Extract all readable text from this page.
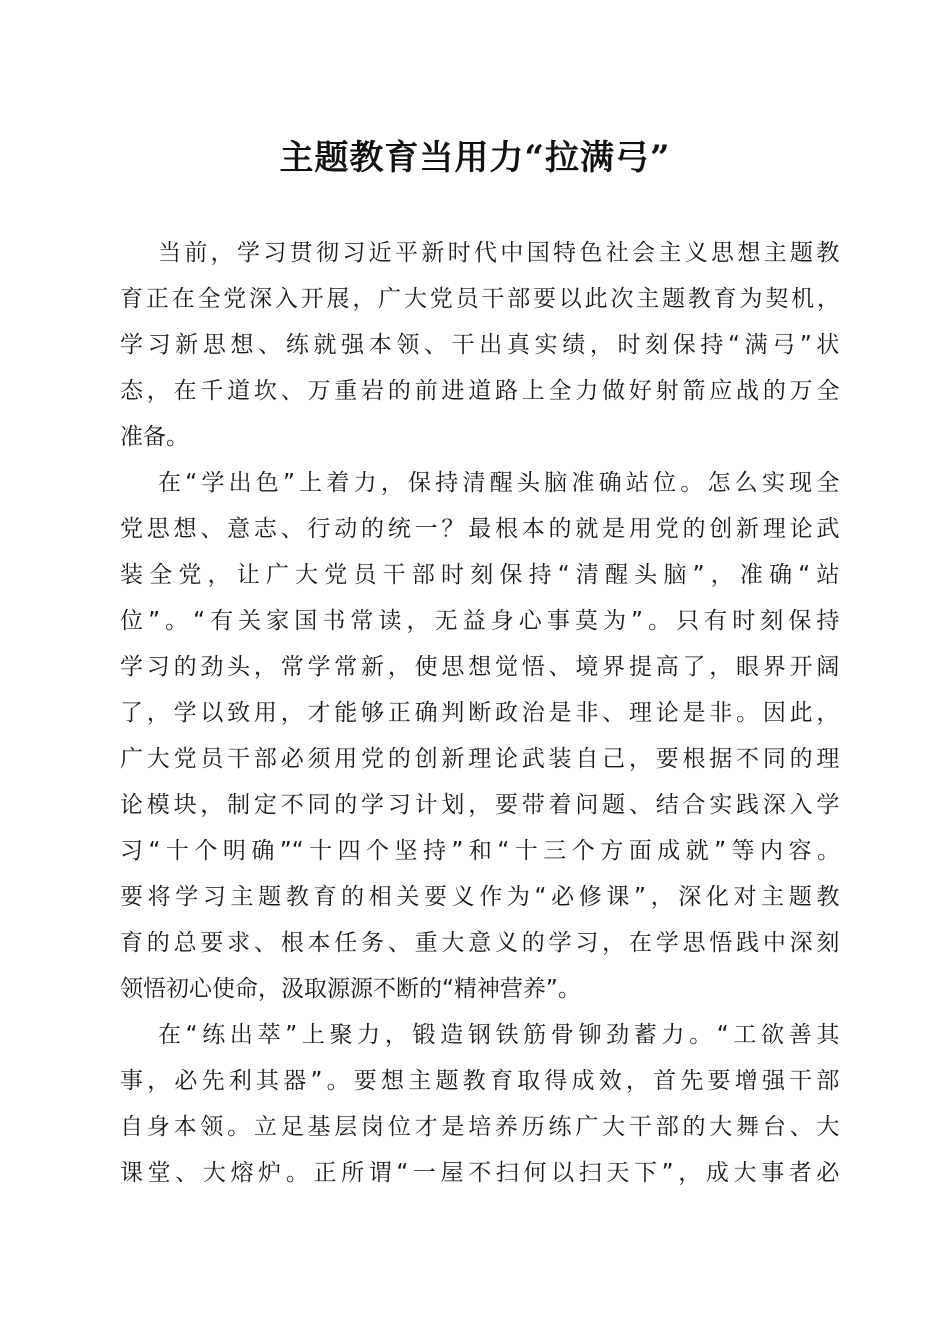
主题教育当用力“拉满弓”
当前，学习贯彻习近平新时代中国特色社会主义思想主题教
育正在全党深入开展，广大党员干部要以此次主题教育为契机，
学习新思想、练就强本领、干出真实绩，时刻保持“满弓”状
态，在千道坎、万重岩的前进道路上全力做好射箭应战的万全
准备。
在“学出色”上着力，保持清醒头脑准确站位。怎么实现全
党思想、意志、行动的统一？最根本的就是用党的创新理论武
装全党，让广大党员干部时刻保持“清醒头脑”，准确“站
位”。“有关家国书常读，无益身心事莫为”。只有时刻保持
学习的劲头，常学常新，使思想觉悟、境界提高了，眼界开阔
了，学以致用，才能够正确判断政治是非、理论是非。因此，
广大党员干部必须用党的创新理论武装自己，要根据不同的理
论模块，制定不同的学习计划，要带着问题、结合实践深入学
习“十个明确”“十四个坚持”和“十三个方面成就”等内容。
要将学习主题教育的相关要义作为“必修课”，深化对主题教
育的总要求、根本任务、重大意义的学习，在学思悟践中深刻
领悟初心使命，汲取源源不断的“精神营养”。
在“练出萃”上聚力，锻造钢铁筋骨铆劲蓄力。“工欲善其
事，必先利其器”。要想主题教育取得成效，首先要增强干部
自身本领。立足基层岗位才是培养历练广大干部的大舞台、大
课堂、大熔炉。正所谓“一屋不扫何以扫天下”，成大事者必
